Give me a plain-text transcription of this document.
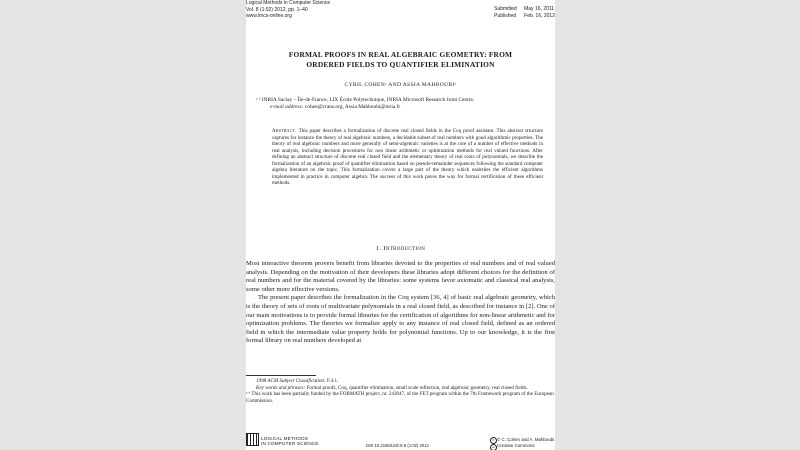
Logical Methods in Computer Science
Vol. 8 (1:02) 2012, pp. 1–40
www.lmcs-online.org
Submitted May 16, 2011
Published Feb. 16, 2012
FORMAL PROOFS IN REAL ALGEBRAIC GEOMETRY: FROM
ORDERED FIELDS TO QUANTIFIER ELIMINATION
CYRIL COHENᵃ AND ASSIA MAHBOUBIᵃ
ᵃ ᵇ INRIA Saclay – Île-de-France, LIX École Polytechnique, INRIA Microsoft Research Joint Centre,
e-mail address: cohen@crans.org, Assia.Mahboubi@inria.fr
Abstract. This paper describes a formalization of discrete real closed fields in the Coq proof assistant. This abstract structure captures for instance the theory of real algebraic numbers, a decidable subset of real numbers with good algorithmic properties. The theory of real algebraic numbers and more generally of semi-algebraic varieties is at the core of a number of effective methods in real analysis, including decision procedures for non linear arithmetic or optimization methods for real valued functions. After defining an abstract structure of discrete real closed field and the elementary theory of real roots of polynomials, we describe the formalization of an algebraic proof of quantifier elimination based on pseudo-remainder sequences following the standard computer algebra literature on the topic. This formalization covers a large part of the theory which underlies the efficient algorithms implemented in practice in computer algebra. The success of this work paves the way for formal certification of these efficient methods.
1. Introduction

Most interactive theorem provers benefit from libraries devoted to the properties of real numbers and of real valued analysis. Depending on the motivation of their developers these libraries adopt different choices for the definition of real numbers and for the material covered by the libraries: some systems favor axiomatic and classical real analysis, some other more effective versions.

The present paper describes the formalization in the Coq system [36, 4] of basic real algebraic geometry, which is the theory of sets of roots of multivariate polynomials in a real closed field, as described for instance in [2]. One of our main motivations is to provide formal libraries for the certification of algorithms for non-linear arithmetic and for optimization problems. The theories we formalize apply to any instance of real closed field, defined as an ordered field in which the intermediate value property holds for polynomial functions. Up to our knowledge, it is the first formal library on real numbers developed at

1998 ACM Subject Classification: F.4.1.

Key words and phrases: Formal proofs, Coq, quantifier elimination, small scale reflection, real algebraic geometry, real closed fields.

ᵃ ᵇ This work has been partially funded by the FORMATH project, nr. 243847, of the FET program within the 7th Framework program of the European Commission.

LOGICAL METHODS
IN COMPUTER SCIENCE	DOI:10.2168/LMCS-8 (1:02) 2012
©
cc
© C. Cohen and A. Mahboubi
Creative Commons
